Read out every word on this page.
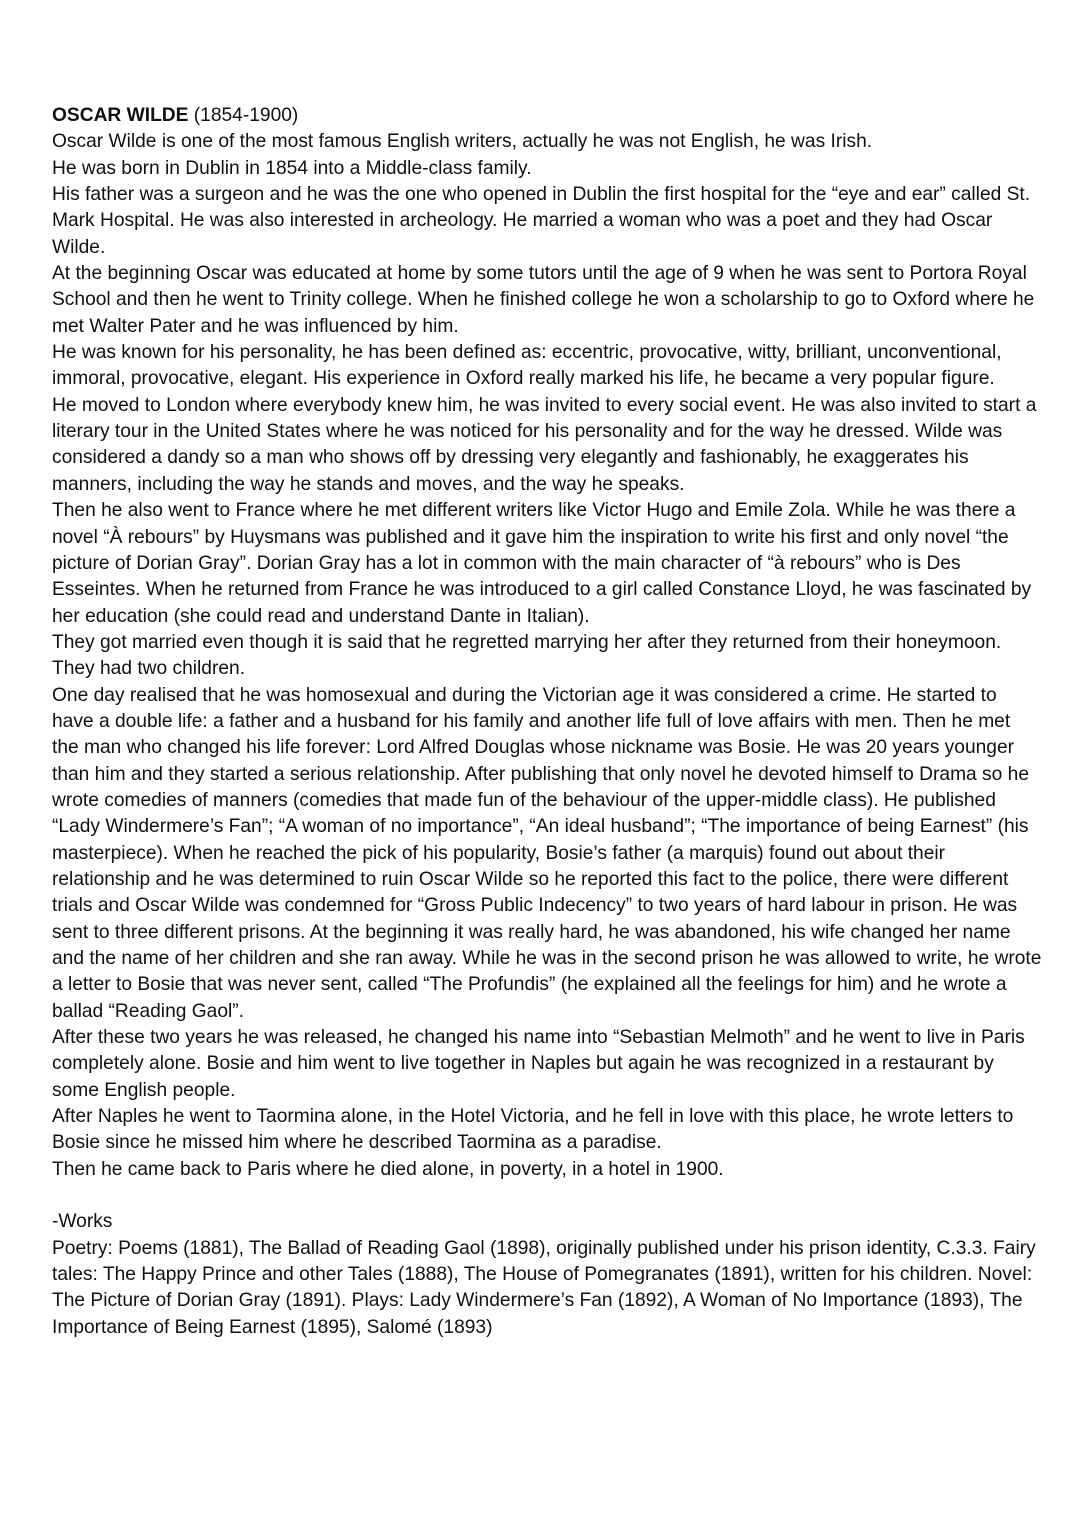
OSCAR WILDE (1854-1900)

Oscar Wilde is one of the most famous English writers, actually he was not English, he was Irish.

He was born in Dublin in 1854 into a Middle-class family.

His father was a surgeon and he was the one who opened in Dublin the first hospital for the “eye and ear” called St. Mark Hospital. He was also interested in archeology. He married a woman who was a poet and they had Oscar Wilde.

At the beginning Oscar was educated at home by some tutors until the age of 9 when he was sent to Portora Royal School and then he went to Trinity college. When he finished college he won a scholarship to go to Oxford where he met Walter Pater and he was influenced by him.

He was known for his personality, he has been defined as: eccentric, provocative, witty, brilliant, unconventional, immoral, provocative, elegant. His experience in Oxford really marked his life, he became a very popular figure.

He moved to London where everybody knew him, he was invited to every social event. He was also invited to start a literary tour in the United States where he was noticed for his personality and for the way he dressed. Wilde was considered a dandy so a man who shows off by dressing very elegantly and fashionably, he exaggerates his manners, including the way he stands and moves, and the way he speaks.

Then he also went to France where he met different writers like Victor Hugo and Emile Zola. While he was there a novel “À rebours” by Huysmans was published and it gave him the inspiration to write his first and only novel “the picture of Dorian Gray”. Dorian Gray has a lot in common with the main character of “à rebours” who is Des Esseintes. When he returned from France he was introduced to a girl called Constance Lloyd, he was fascinated by her education (she could read and understand Dante in Italian).

They got married even though it is said that he regretted marrying her after they returned from their honeymoon. They had two children.

One day realised that he was homosexual and during the Victorian age it was considered a crime. He started to have a double life: a father and a husband for his family and another life full of love affairs with men. Then he met the man who changed his life forever: Lord Alfred Douglas whose nickname was Bosie. He was 20 years younger than him and they started a serious relationship. After publishing that only novel he devoted himself to Drama so he wrote comedies of manners (comedies that made fun of the behaviour of the upper-middle class). He published “Lady Windermere’s Fan”; “A woman of no importance”, “An ideal husband”; “The importance of being Earnest” (his masterpiece). When he reached the pick of his popularity, Bosie’s father (a marquis) found out about their relationship and he was determined to ruin Oscar Wilde so he reported this fact to the police, there were different trials and Oscar Wilde was condemned for “Gross Public Indecency” to two years of hard labour in prison. He was sent to three different prisons. At the beginning it was really hard, he was abandoned, his wife changed her name and the name of her children and she ran away. While he was in the second prison he was allowed to write, he wrote a letter to Bosie that was never sent, called “The Profundis” (he explained all the feelings for him) and he wrote a ballad “Reading Gaol”.

After these two years he was released, he changed his name into “Sebastian Melmoth” and he went to live in Paris completely alone. Bosie and him went to live together in Naples but again he was recognized in a restaurant by some English people.

After Naples he went to Taormina alone, in the Hotel Victoria, and he fell in love with this place, he wrote letters to Bosie since he missed him where he described Taormina as a paradise.

Then he came back to Paris where he died alone, in poverty, in a hotel in 1900.

-Works

Poetry: Poems (1881), The Ballad of Reading Gaol (1898), originally published under his prison identity, C.3.3. Fairy tales: The Happy Prince and other Tales (1888), The House of Pomegranates (1891), written for his children. Novel: The Picture of Dorian Gray (1891). Plays: Lady Windermere’s Fan (1892), A Woman of No Importance (1893), The Importance of Being Earnest (1895), Salomé (1893)
